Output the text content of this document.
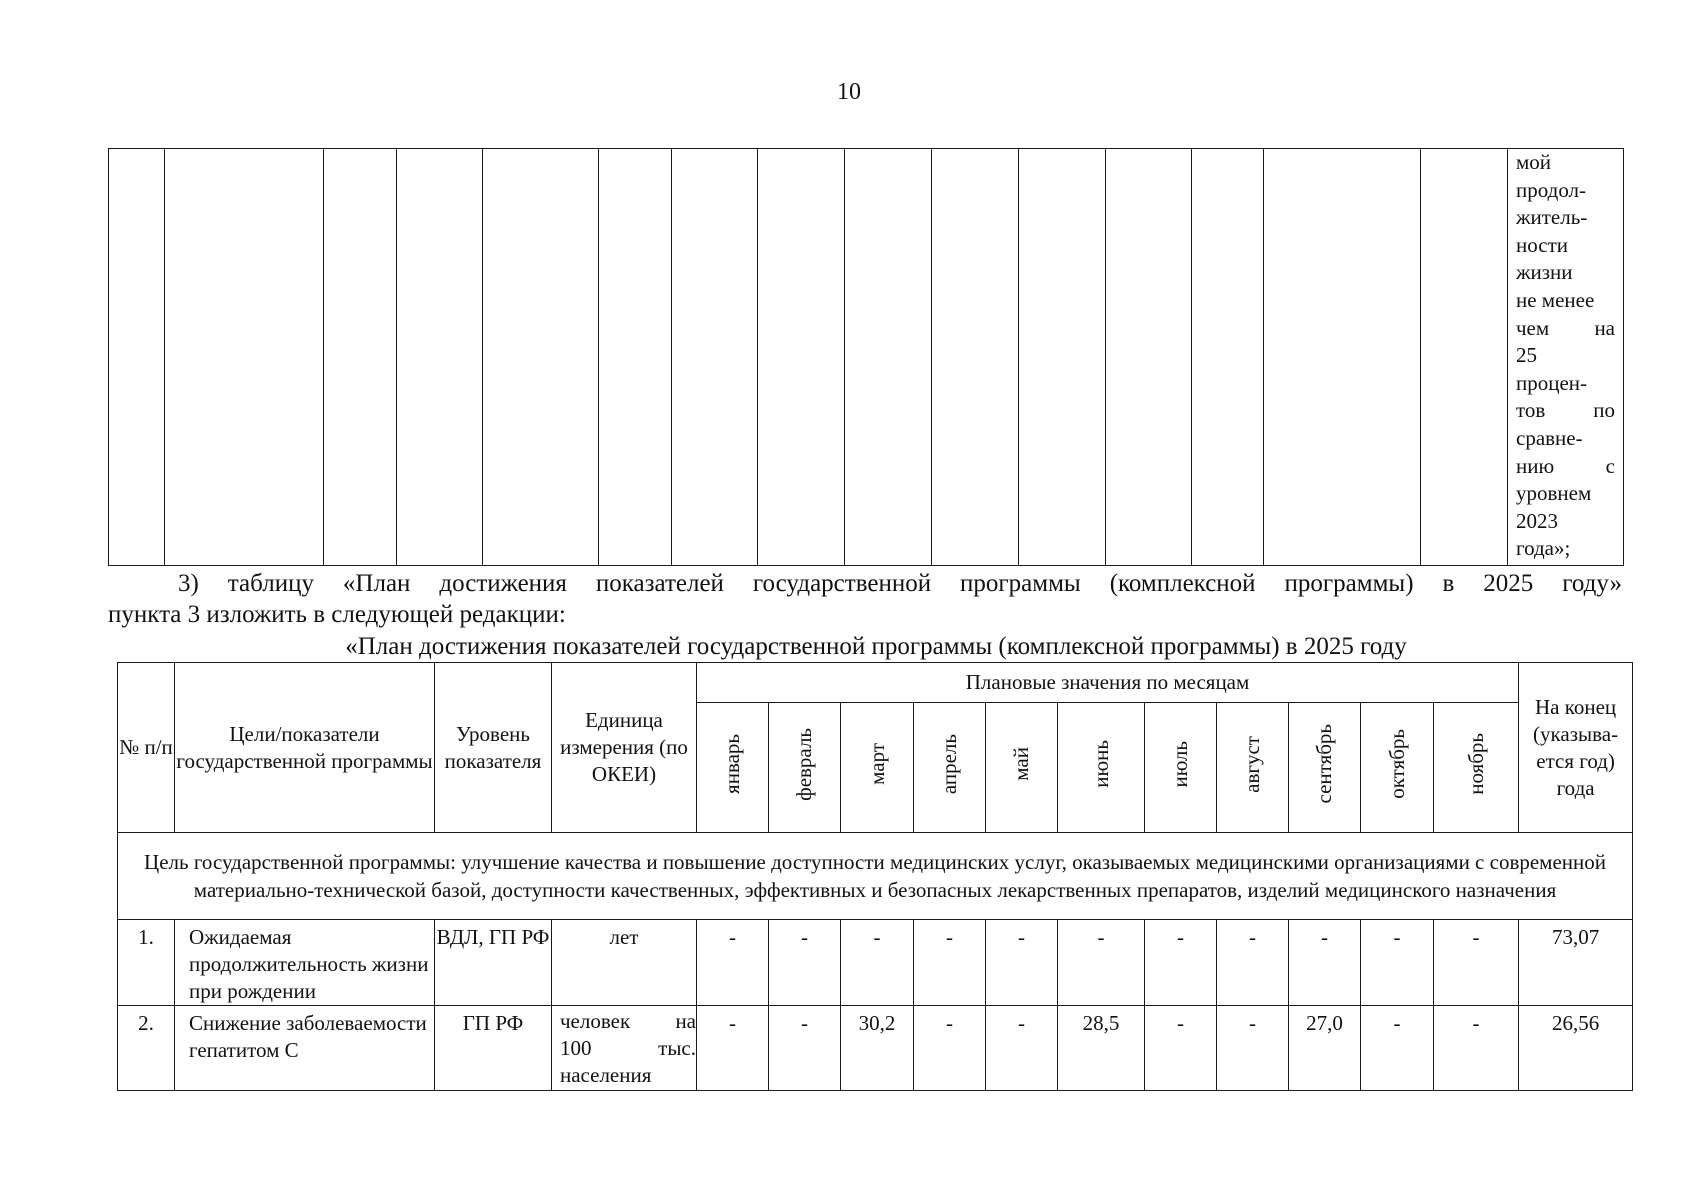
10

мой
продол-
житель-
ности
жизни
не менее
чем на
25
процен-
тов по
сравне-
нию с
уровнем
2023
года»;
3) таблицу «План достижения показателей государственной программы (комплексной программы) в 2025 году»
пункта 3 изложить в следующей редакции:
«План достижения показателей государственной программы (комплексной программы) в 2025 году
№ п/п	Цели/показатели государственной программы	Уровень показателя	Единица измерения (по ОКЕИ)	Плановые значения по месяцам											На конец (указыва-ется год) года
				январь	февраль	март	апрель	май	июнь	июль	август	сентябрь	октябрь	ноябрь	
Цель государственной программы: улучшение качества и повышение доступности медицинских услуг, оказываемых медицинскими организациями с современной материально-технической базой, доступности качественных, эффективных и безопасных лекарственных препаратов, изделий медицинского назначения															
1.	Ожидаемая продолжительность жизни при рождении	ВДЛ, ГП РФ	лет	-	-	-	-	-	-	-	-	-	-	-	73,07
2.	Снижение заболеваемости гепатитом С	ГП РФ	человек на
100 тыс.
населения	-	-	30,2	-	-	28,5	-	-	27,0	-	-	26,56
